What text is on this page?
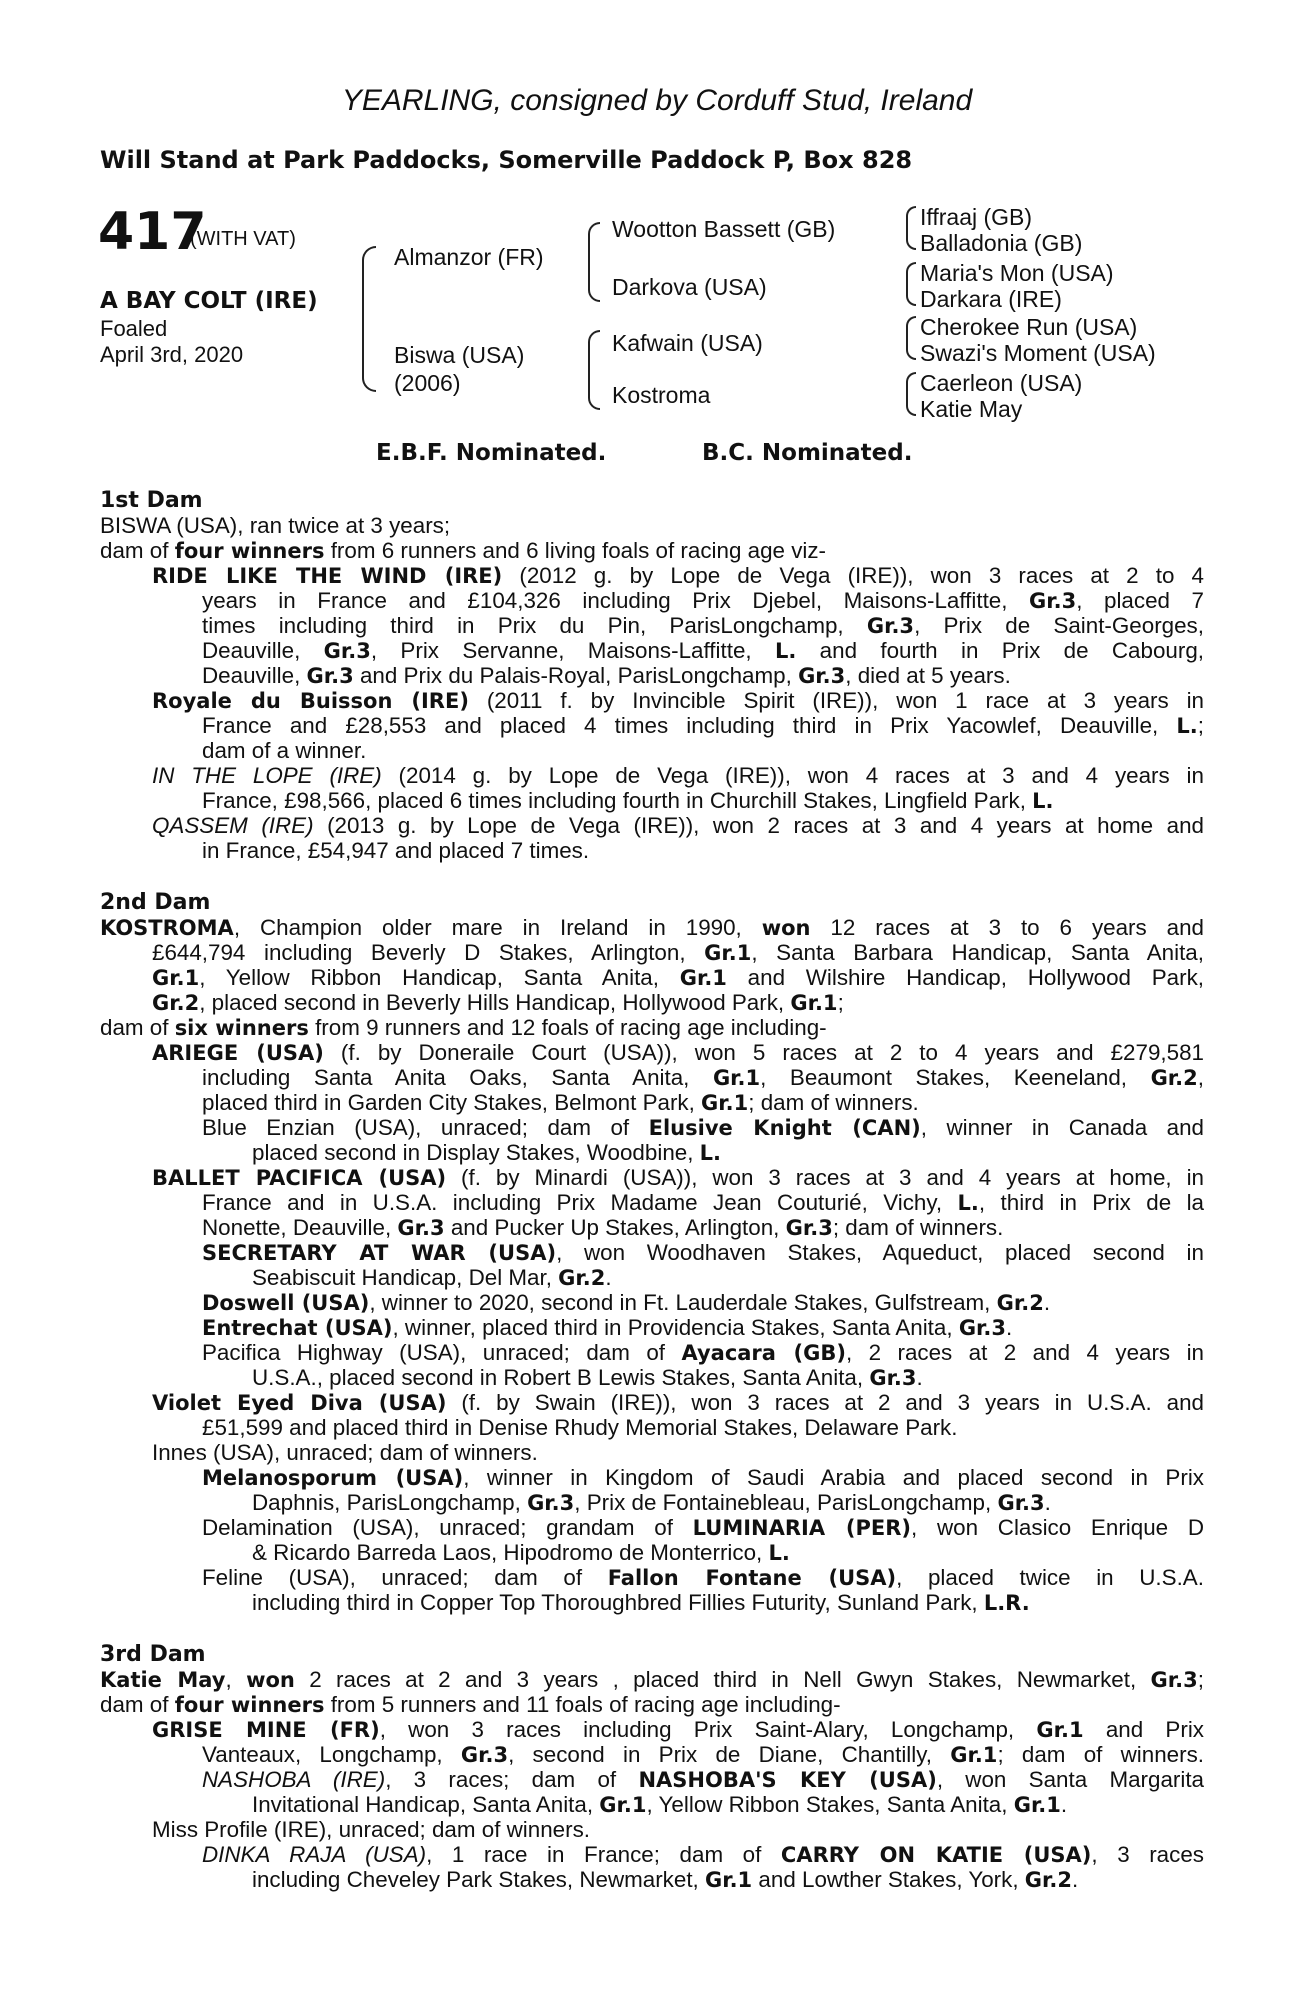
YEARLING, consigned by Corduff Stud, Ireland
Will Stand at Park Paddocks, Somerville Paddock P, Box 828
417
(WITH VAT)
A BAY COLT (IRE)
Foaled
April 3rd, 2020
Almanzor (FR)
Biswa (USA)
(2006)
Wootton Bassett (GB)
Darkova (USA)
Kafwain (USA)
Kostroma
Iffraaj (GB)
Balladonia (GB)
Maria's Mon (USA)
Darkara (IRE)
Cherokee Run (USA)
Swazi's Moment (USA)
Caerleon (USA)
Katie May
E.B.F. Nominated.	B.C. Nominated.
1st Dam
BISWA (USA), ran twice at 3 years;
dam of four winners from 6 runners and 6 living foals of racing age viz-
RIDE LIKE THE WIND (IRE) (2012 g. by Lope de Vega (IRE)), won 3 races at 2 to 4
years in France and £104,326 including Prix Djebel, Maisons-Laffitte, Gr.3, placed 7
times including third in Prix du Pin, ParisLongchamp, Gr.3, Prix de Saint-Georges,
Deauville, Gr.3, Prix Servanne, Maisons-Laffitte, L. and fourth in Prix de Cabourg,
Deauville, Gr.3 and Prix du Palais-Royal, ParisLongchamp, Gr.3, died at 5 years.
Royale du Buisson (IRE) (2011 f. by Invincible Spirit (IRE)), won 1 race at 3 years in
France and £28,553 and placed 4 times including third in Prix Yacowlef, Deauville, L.;
dam of a winner.
IN THE LOPE (IRE) (2014 g. by Lope de Vega (IRE)), won 4 races at 3 and 4 years in
France, £98,566, placed 6 times including fourth in Churchill Stakes, Lingfield Park, L.
QASSEM (IRE) (2013 g. by Lope de Vega (IRE)), won 2 races at 3 and 4 years at home and
in France, £54,947 and placed 7 times.
2nd Dam
KOSTROMA, Champion older mare in Ireland in 1990, won 12 races at 3 to 6 years and
£644,794 including Beverly D Stakes, Arlington, Gr.1, Santa Barbara Handicap, Santa Anita,
Gr.1, Yellow Ribbon Handicap, Santa Anita, Gr.1 and Wilshire Handicap, Hollywood Park,
Gr.2, placed second in Beverly Hills Handicap, Hollywood Park, Gr.1;
dam of six winners from 9 runners and 12 foals of racing age including-
ARIEGE (USA) (f. by Doneraile Court (USA)), won 5 races at 2 to 4 years and £279,581
including Santa Anita Oaks, Santa Anita, Gr.1, Beaumont Stakes, Keeneland, Gr.2,
placed third in Garden City Stakes, Belmont Park, Gr.1; dam of winners.
Blue Enzian (USA), unraced; dam of Elusive Knight (CAN), winner in Canada and
placed second in Display Stakes, Woodbine, L.
BALLET PACIFICA (USA) (f. by Minardi (USA)), won 3 races at 3 and 4 years at home, in
France and in U.S.A. including Prix Madame Jean Couturié, Vichy, L., third in Prix de la
Nonette, Deauville, Gr.3 and Pucker Up Stakes, Arlington, Gr.3; dam of winners.
SECRETARY AT WAR (USA), won Woodhaven Stakes, Aqueduct, placed second in
Seabiscuit Handicap, Del Mar, Gr.2.
Doswell (USA), winner to 2020, second in Ft. Lauderdale Stakes, Gulfstream, Gr.2.
Entrechat (USA), winner, placed third in Providencia Stakes, Santa Anita, Gr.3.
Pacifica Highway (USA), unraced; dam of Ayacara (GB), 2 races at 2 and 4 years in
U.S.A., placed second in Robert B Lewis Stakes, Santa Anita, Gr.3.
Violet Eyed Diva (USA) (f. by Swain (IRE)), won 3 races at 2 and 3 years in U.S.A. and
£51,599 and placed third in Denise Rhudy Memorial Stakes, Delaware Park.
Innes (USA), unraced; dam of winners.
Melanosporum (USA), winner in Kingdom of Saudi Arabia and placed second in Prix
Daphnis, ParisLongchamp, Gr.3, Prix de Fontainebleau, ParisLongchamp, Gr.3.
Delamination (USA), unraced; grandam of LUMINARIA (PER), won Clasico Enrique D
& Ricardo Barreda Laos, Hipodromo de Monterrico, L.
Feline (USA), unraced; dam of Fallon Fontane (USA), placed twice in U.S.A.
including third in Copper Top Thoroughbred Fillies Futurity, Sunland Park, L.R.
3rd Dam
Katie May, won 2 races at 2 and 3 years , placed third in Nell Gwyn Stakes, Newmarket, Gr.3;
dam of four winners from 5 runners and 11 foals of racing age including-
GRISE MINE (FR), won 3 races including Prix Saint-Alary, Longchamp, Gr.1 and Prix
Vanteaux, Longchamp, Gr.3, second in Prix de Diane, Chantilly, Gr.1; dam of winners.
NASHOBA (IRE), 3 races; dam of NASHOBA'S KEY (USA), won Santa Margarita
Invitational Handicap, Santa Anita, Gr.1, Yellow Ribbon Stakes, Santa Anita, Gr.1.
Miss Profile (IRE), unraced; dam of winners.
DINKA RAJA (USA), 1 race in France; dam of CARRY ON KATIE (USA), 3 races
including Cheveley Park Stakes, Newmarket, Gr.1 and Lowther Stakes, York, Gr.2.
